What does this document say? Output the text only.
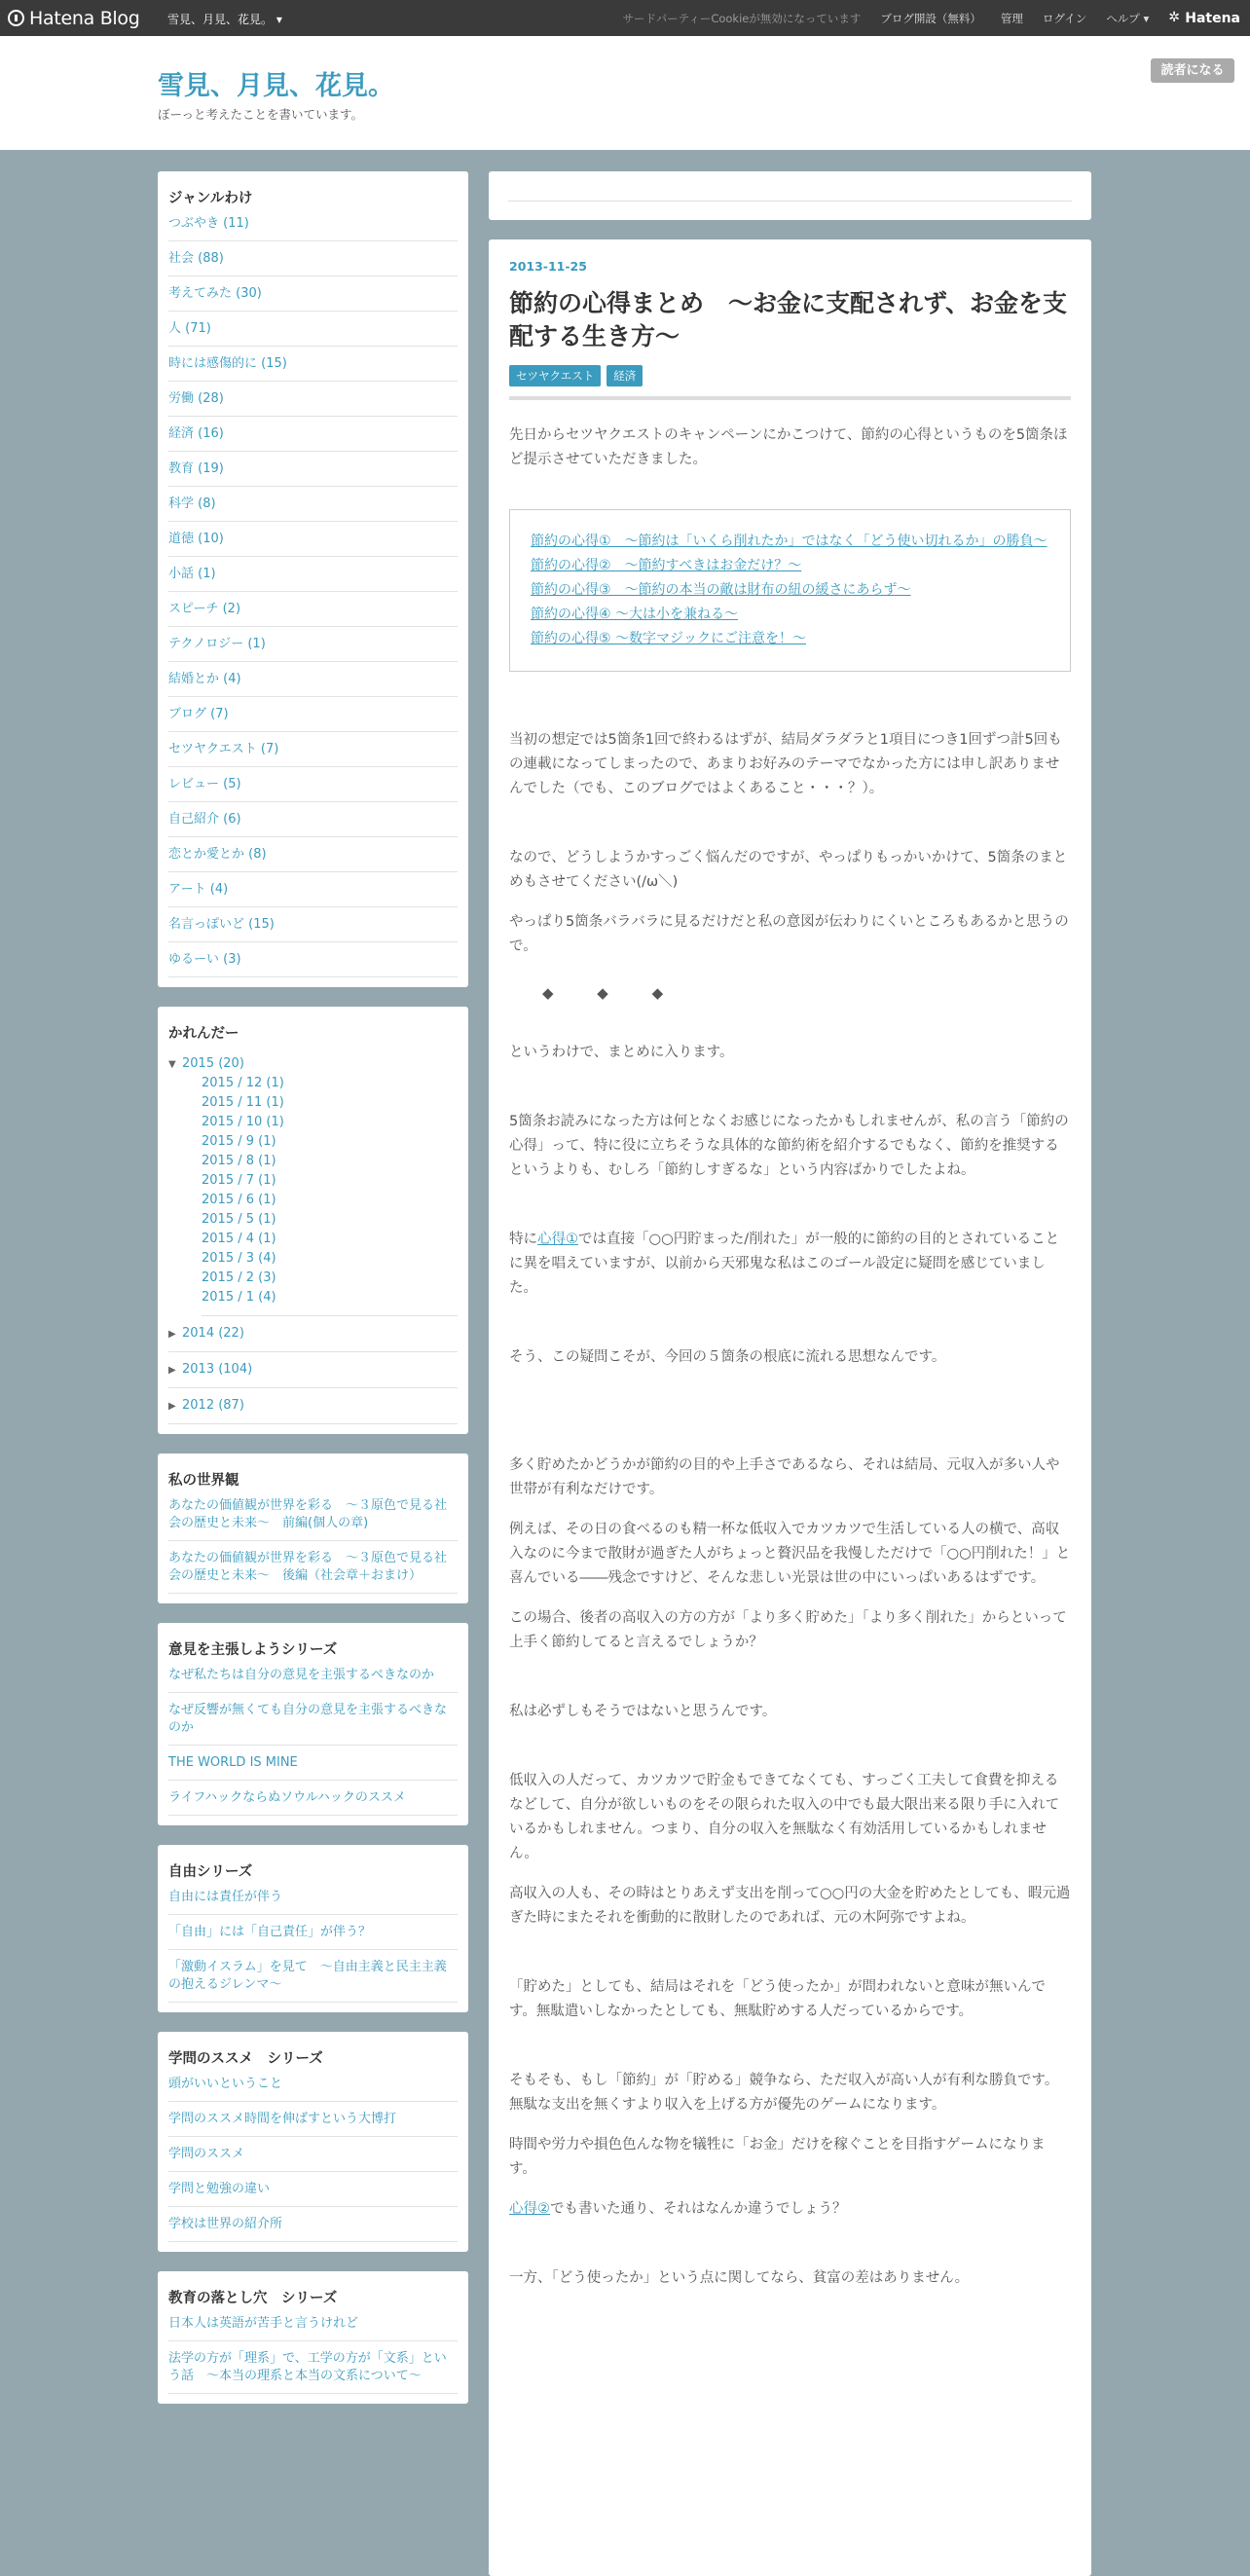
Hatena Blog 雪見、月見、花見。 ▾	サードパーティーCookieが無効になっています ブログ開設（無料） 管理 ログイン ヘルプ ▾ ✲ Hatena
雪見、月見、花見。
ぼーっと考えたことを書いています。
読者になる
ジャンルわけ
つぶやき (11)
社会 (88)
考えてみた (30)
人 (71)
時には感傷的に (15)
労働 (28)
経済 (16)
教育 (19)
科学 (8)
道徳 (10)
小話 (1)
スピーチ (2)
テクノロジー (1)
結婚とか (4)
ブログ (7)
セツヤクエスト (7)
レビュー (5)
自己紹介 (6)
恋とか愛とか (8)
アート (4)
名言っぽいど (15)
ゆるーい (3)
かれんだー
▼ 2015 (20)
2015 / 12 (1)
2015 / 11 (1)
2015 / 10 (1)
2015 / 9 (1)
2015 / 8 (1)
2015 / 7 (1)
2015 / 6 (1)
2015 / 5 (1)
2015 / 4 (1)
2015 / 3 (4)
2015 / 2 (3)
2015 / 1 (4)
▶ 2014 (22)
▶ 2013 (104)
▶ 2012 (87)
私の世界観
あなたの価値観が世界を彩る　～３原色で見る社会の歴史と未来～　前編(個人の章)
あなたの価値観が世界を彩る　～３原色で見る社会の歴史と未来～　後編（社会章＋おまけ）
意見を主張しようシリーズ
なぜ私たちは自分の意見を主張するべきなのか
なぜ反響が無くても自分の意見を主張するべきなのか
THE WORLD IS MINE
ライフハックならぬソウルハックのススメ
自由シリーズ
自由には責任が伴う
「自由」には「自己責任」が伴う？
「激動イスラム」を見て　～自由主義と民主主義の抱えるジレンマ～
学問のススメ　シリーズ
頭がいいということ
学問のススメ時間を伸ばすという大博打
学問のススメ
学問と勉強の違い
学校は世界の紹介所
教育の落とし穴　シリーズ
日本人は英語が苦手と言うけれど
法学の方が「理系」で、工学の方が「文系」という話　～本当の理系と本当の文系について～
2013-11-25
節約の心得まとめ　～お金に支配されず、お金を支配する生き方～
セツヤクエスト	経済

先日からセツヤクエストのキャンペーンにかこつけて、節約の心得というものを5箇条ほど提示させていただきました。

節約の心得①　～節約は「いくら削れたか」ではなく「どう使い切れるか」の勝負～
節約の心得②　～節約すべきはお金だけ？～
節約の心得③　～節約の本当の敵は財布の紐の緩さにあらず～
節約の心得④ ～大は小を兼ねる～
節約の心得⑤ ～数字マジックにご注意を！～

当初の想定では5箇条1回で終わるはずが、結局ダラダラと1項目につき1回ずつ計5回もの連載になってしまったので、あまりお好みのテーマでなかった方には申し訳ありませんでした（でも、このブログではよくあること・・・？）。

なので、どうしようかすっごく悩んだのですが、やっぱりもっかいかけて、5箇条のまとめもさせてください(/ω＼)

やっぱり5箇条バラバラに見るだけだと私の意図が伝わりにくいところもあるかと思うので。

◆ ◆ ◆

というわけで、まとめに入ります。

5箇条お読みになった方は何となくお感じになったかもしれませんが、私の言う「節約の心得」って、特に役に立ちそうな具体的な節約術を紹介するでもなく、節約を推奨するというよりも、むしろ「節約しすぎるな」という内容ばかりでしたよね。

特に心得①では直接「○○円貯まった/削れた」が一般的に節約の目的とされていることに異を唱えていますが、以前から天邪鬼な私はこのゴール設定に疑問を感じていました。

そう、この疑問こそが、今回の５箇条の根底に流れる思想なんです。

多く貯めたかどうかが節約の目的や上手さであるなら、それは結局、元収入が多い人や世帯が有利なだけです。

例えば、その日の食べるのも精一杯な低収入でカツカツで生活している人の横で、高収入なのに今まで散財が過ぎた人がちょっと贅沢品を我慢しただけで「○○円削れた！」と喜んでいる――残念ですけど、そんな悲しい光景は世の中にいっぱいあるはずです。

この場合、後者の高収入の方の方が「より多く貯めた」「より多く削れた」からといって上手く節約してると言えるでしょうか？

私は必ずしもそうではないと思うんです。

低収入の人だって、カツカツで貯金もできてなくても、すっごく工夫して食費を抑えるなどして、自分が欲しいものをその限られた収入の中でも最大限出来る限り手に入れているかもしれません。つまり、自分の収入を無駄なく有効活用しているかもしれません。

高収入の人も、その時はとりあえず支出を削って○○円の大金を貯めたとしても、暇元過ぎた時にまたそれを衝動的に散財したのであれば、元の木阿弥ですよね。

「貯めた」としても、結局はそれを「どう使ったか」が問われないと意味が無いんです。無駄遣いしなかったとしても、無駄貯めする人だっているからです。

そもそも、もし「節約」が「貯める」競争なら、ただ収入が高い人が有利な勝負です。無駄な支出を無くすより収入を上げる方が優先のゲームになります。

時間や労力や損色色んな物を犠牲に「お金」だけを稼ぐことを目指すゲームになります。

心得②でも書いた通り、それはなんか違うでしょう？

一方、「どう使ったか」という点に関してなら、貧富の差はありません。
